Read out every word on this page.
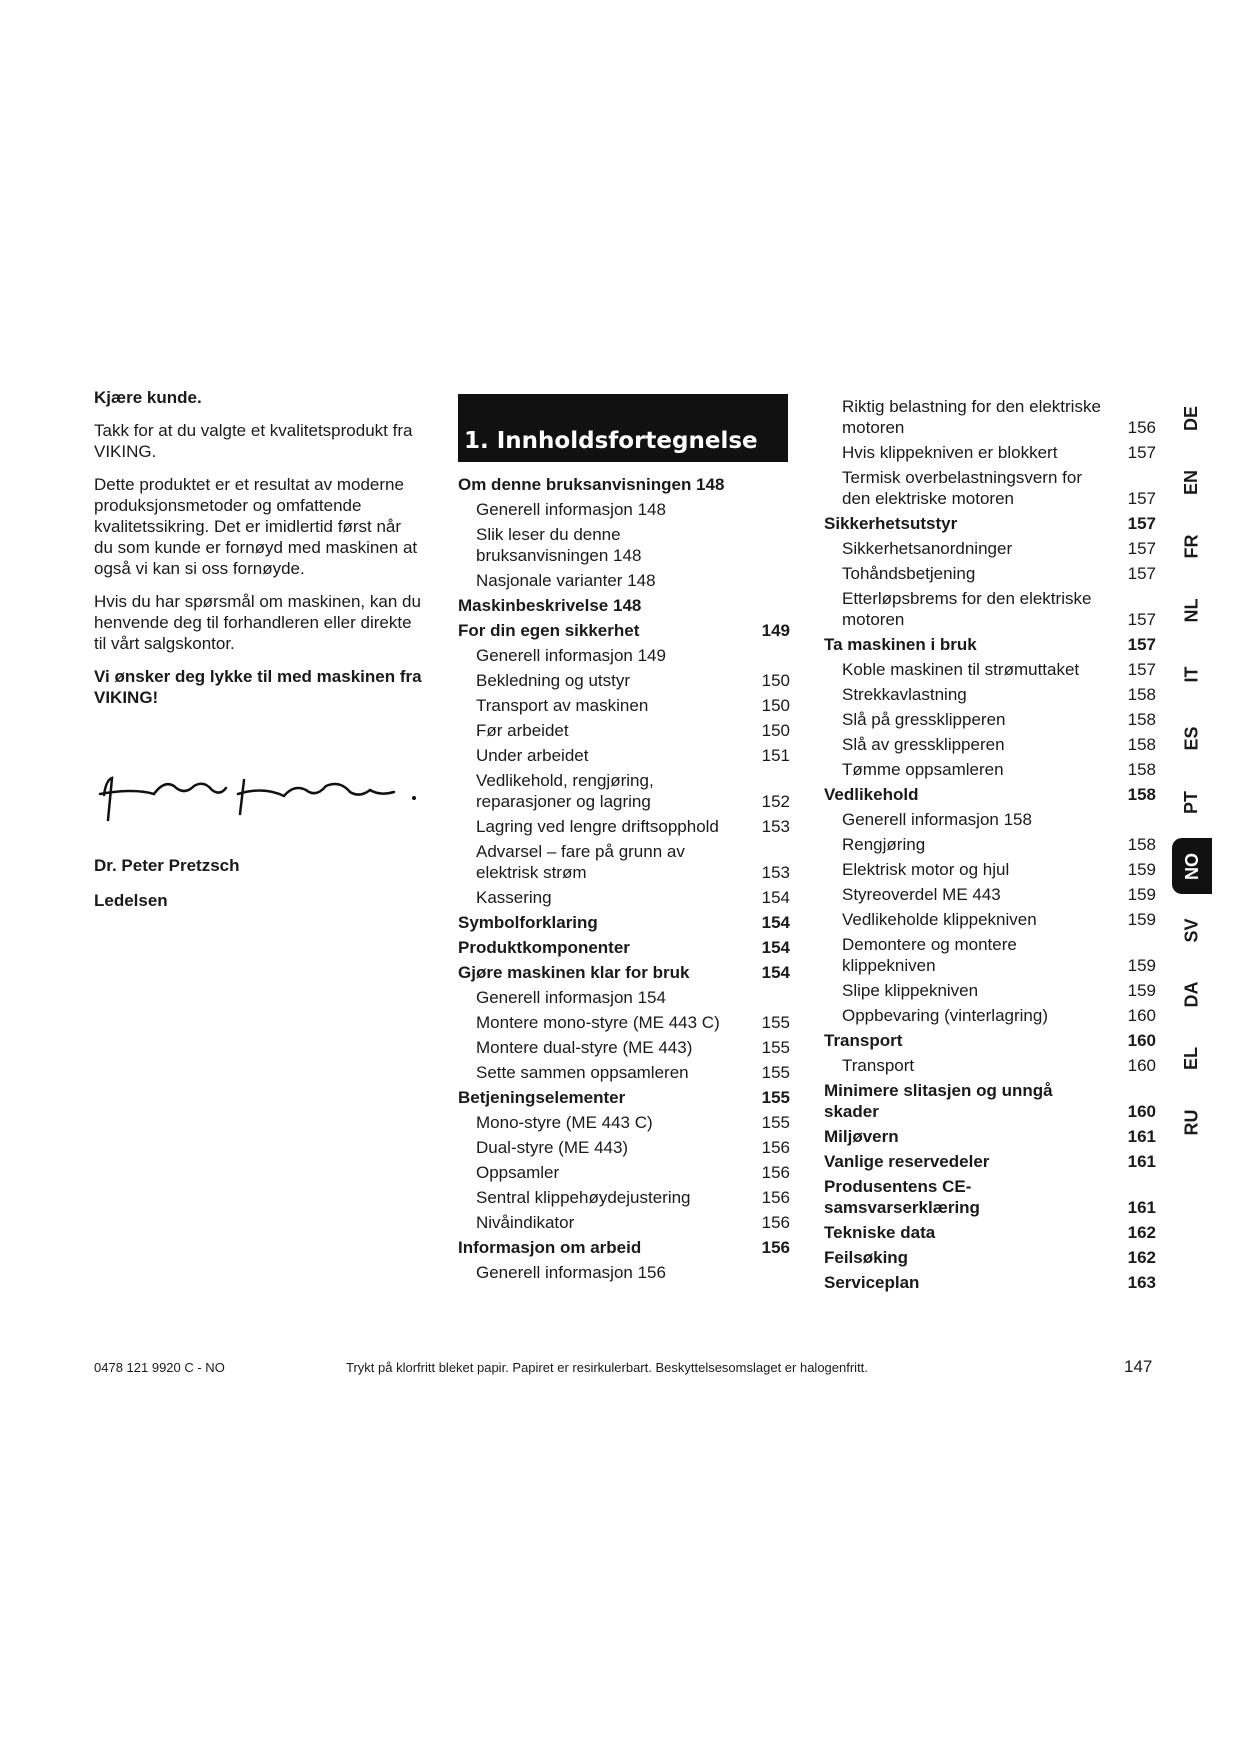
Kjære kunde.

Takk for at du valgte et kvalitetsprodukt fra VIKING.

Dette produktet er et resultat av moderne produksjonsmetoder og omfattende kvalitetssikring. Det er imidlertid først når du som kunde er fornøyd med maskinen at også vi kan si oss fornøyde.

Hvis du har spørsmål om maskinen, kan du henvende deg til forhandleren eller direkte til vårt salgskontor.

Vi ønsker deg lykke til med maskinen fra VIKING!

Dr. Peter Pretzsch
Ledelsen
1. Innholdsfortegnelse
Om denne bruksanvisningen 148
Generell informasjon 148
Slik leser du denne bruksanvisningen 148
Nasjonale varianter 148
Maskinbeskrivelse 148
For din egen sikkerhet	149
Generell informasjon 149
Bekledning og utstyr	150
Transport av maskinen	150
Før arbeidet	150
Under arbeidet	151
Vedlikehold, rengjøring, reparasjoner og lagring	152
Lagring ved lengre driftsopphold	153
Advarsel – fare på grunn av elektrisk strøm	153
Kassering	154
Symbolforklaring	154
Produktkomponenter	154
Gjøre maskinen klar for bruk	154
Generell informasjon 154
Montere mono-styre (ME 443 C)	155
Montere dual-styre (ME 443)	155
Sette sammen oppsamleren	155
Betjeningselementer	155
Mono-styre (ME 443 C)	155
Dual-styre (ME 443)	156
Oppsamler	156
Sentral klippehøydejustering	156
Nivåindikator	156
Informasjon om arbeid	156
Generell informasjon 156
Riktig belastning for den elektriske motoren	156
Hvis klippekniven er blokkert	157
Termisk overbelastningsvern for den elektriske motoren	157
Sikkerhetsutstyr	157
Sikkerhetsanordninger	157
Tohåndsbetjening	157
Etterløpsbrems for den elektriske motoren	157
Ta maskinen i bruk	157
Koble maskinen til strømuttaket	157
Strekkavlastning	158
Slå på gressklipperen	158
Slå av gressklipperen	158
Tømme oppsamleren	158
Vedlikehold	158
Generell informasjon 158
Rengjøring	158
Elektrisk motor og hjul	159
Styreoverdel ME 443	159
Vedlikeholde klippekniven	159
Demontere og montere klippekniven	159
Slipe klippekniven	159
Oppbevaring (vinterlagring)	160
Transport	160
Transport	160
Minimere slitasjen og unngå skader	160
Miljøvern	161
Vanlige reservedeler	161
Produsentens CE-samsvarserklæring	161
Tekniske data	162
Feilsøking	162
Serviceplan	163
DE
EN
FR
NL
IT
ES
PT
NO
SV
DA
EL
RU
0478 121 9920 C - NO	Trykt på klorfritt bleket papir. Papiret er resirkulerbart. Beskyttelsesomslaget er halogenfritt.	147
